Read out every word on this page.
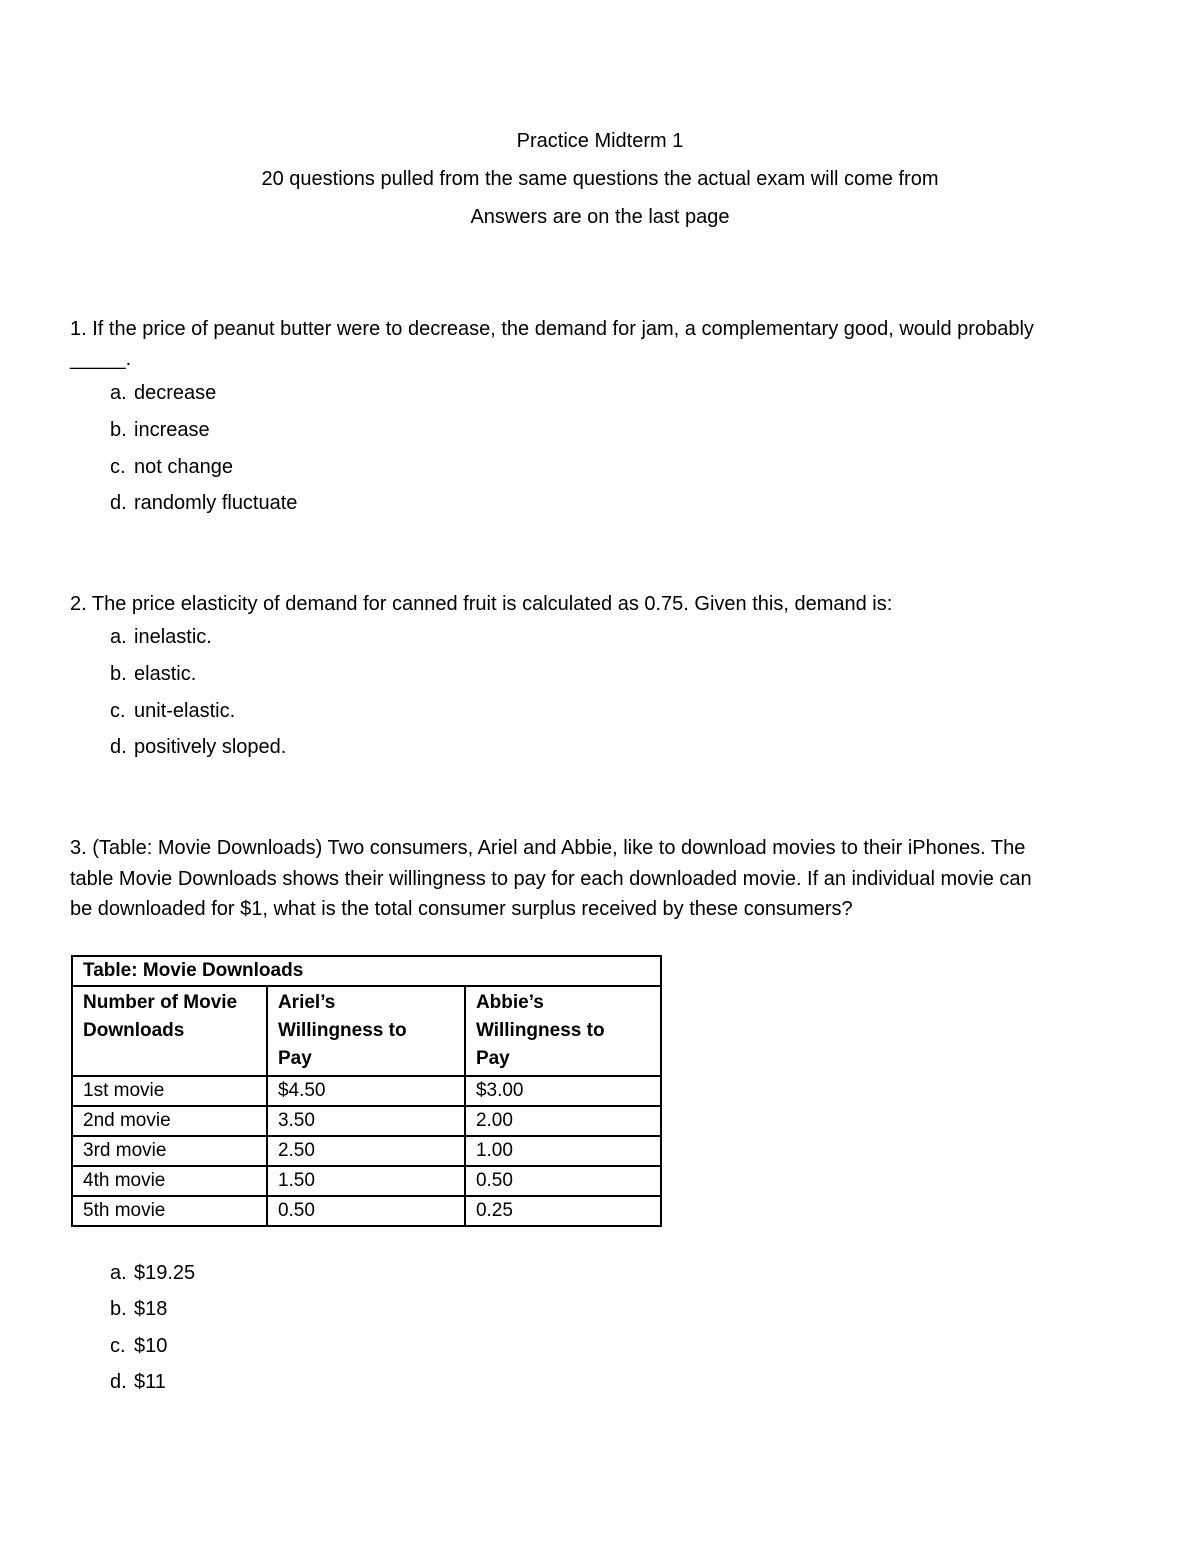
Practice Midterm 1
20 questions pulled from the same questions the actual exam will come from
Answers are on the last page
1. If the price of peanut butter were to decrease, the demand for jam, a complementary good, would probably
_____.
a. decrease
b. increase
c. not change
d. randomly fluctuate
2. The price elasticity of demand for canned fruit is calculated as 0.75. Given this, demand is:
a. inelastic.
b. elastic.
c. unit-elastic.
d. positively sloped.
3. (Table: Movie Downloads) Two consumers, Ariel and Abbie, like to download movies to their iPhones. The
table Movie Downloads shows their willingness to pay for each downloaded movie. If an individual movie can
be downloaded for $1, what is the total consumer surplus received by these consumers?
Table: Movie Downloads		
Number of Movie
Downloads	Ariel’s
Willingness to
Pay	Abbie’s
Willingness to
Pay
1st movie	$4.50	$3.00
2nd movie	3.50	2.00
3rd movie	2.50	1.00
4th movie	1.50	0.50
5th movie	0.50	0.25
a. $19.25
b. $18
c. $10
d. $11
